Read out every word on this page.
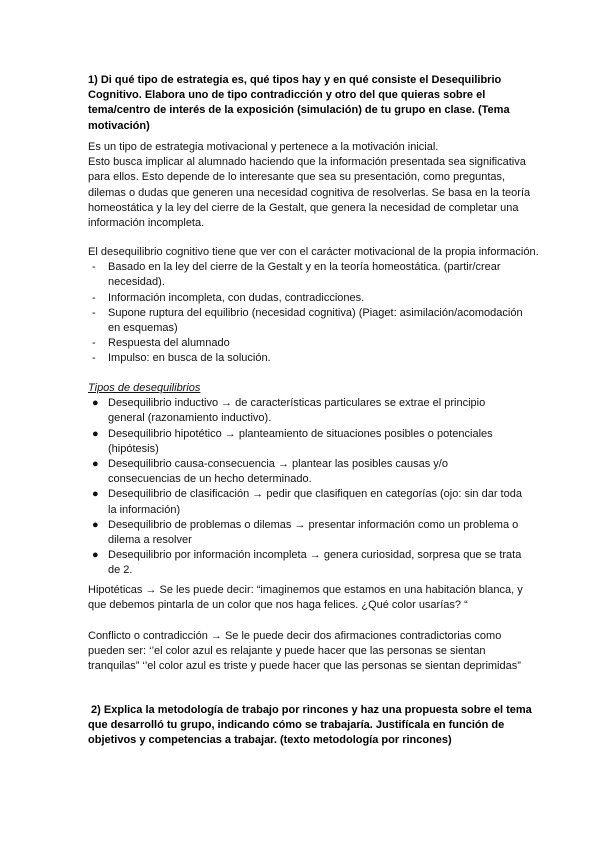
1) Di qué tipo de estrategia es, qué tipos hay y en qué consiste el Desequilibrio
Cognitivo. Elabora uno de tipo contradicción y otro del que quieras sobre el
tema/centro de interés de la exposición (simulación) de tu grupo en clase. (Tema
motivación)
Es un tipo de estrategia motivacional y pertenece a la motivación inicial.
Esto busca implicar al alumnado haciendo que la información presentada sea significativa
para ellos. Esto depende de lo interesante que sea su presentación, como preguntas,
dilemas o dudas que generen una necesidad cognitiva de resolverlas. Se basa en la teoría
homeostática y la ley del cierre de la Gestalt, que genera la necesidad de completar una
información incompleta.
El desequilibrio cognitivo tiene que ver con el carácter motivacional de la propia información.
- Basado en la ley del cierre de la Gestalt y en la teoría homeostática. (partir/crear
necesidad).
- Información incompleta, con dudas, contradicciones.
- Supone ruptura del equilibrio (necesidad cognitiva) (Piaget: asimilación/acomodación
en esquemas)
- Respuesta del alumnado
- Impulso: en busca de la solución.
Tipos de desequilibrios
● Desequilibrio inductivo → de características particulares se extrae el principio
general (razonamiento inductivo).
● Desequilibrio hipotético → planteamiento de situaciones posibles o potenciales
(hipótesis)
● Desequilibrio causa-consecuencia → plantear las posibles causas y/o
consecuencias de un hecho determinado.
● Desequilibrio de clasificación → pedir que clasifiquen en categorías (ojo: sin dar toda
la información)
● Desequilibrio de problemas o dilemas → presentar información como un problema o
dilema a resolver
● Desequilibrio por información incompleta → genera curiosidad, sorpresa que se trata
de 2.
Hipotéticas → Se les puede decir: “imaginemos que estamos en una habitación blanca, y
que debemos pintarla de un color que nos haga felices. ¿Qué color usarías? “
Conflicto o contradicción → Se le puede decir dos afirmaciones contradictorias como
pueden ser: ‘’el color azul es relajante y puede hacer que las personas se sientan
tranquilas” ‘’el color azul es triste y puede hacer que las personas se sientan deprimidas”
2) Explica la metodología de trabajo por rincones y haz una propuesta sobre el tema
que desarrolló tu grupo, indicando cómo se trabajaría. Justifícala en función de
objetivos y competencias a trabajar. (texto metodología por rincones)
